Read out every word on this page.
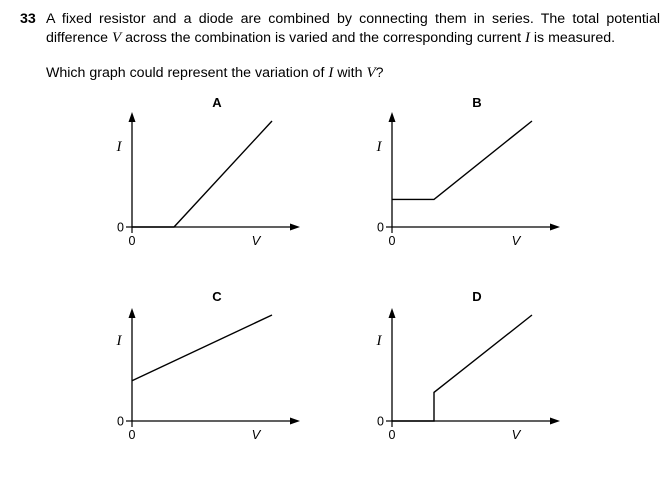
33 A fixed resistor and a diode are combined by connecting them in series. The total potential
difference V across the combination is varied and the corresponding current I is measured.
Which graph could represent the variation of I with V?
A
I
V
0
0
B
I
V
0
0
C
I
V
0
0
D
I
V
0
0
